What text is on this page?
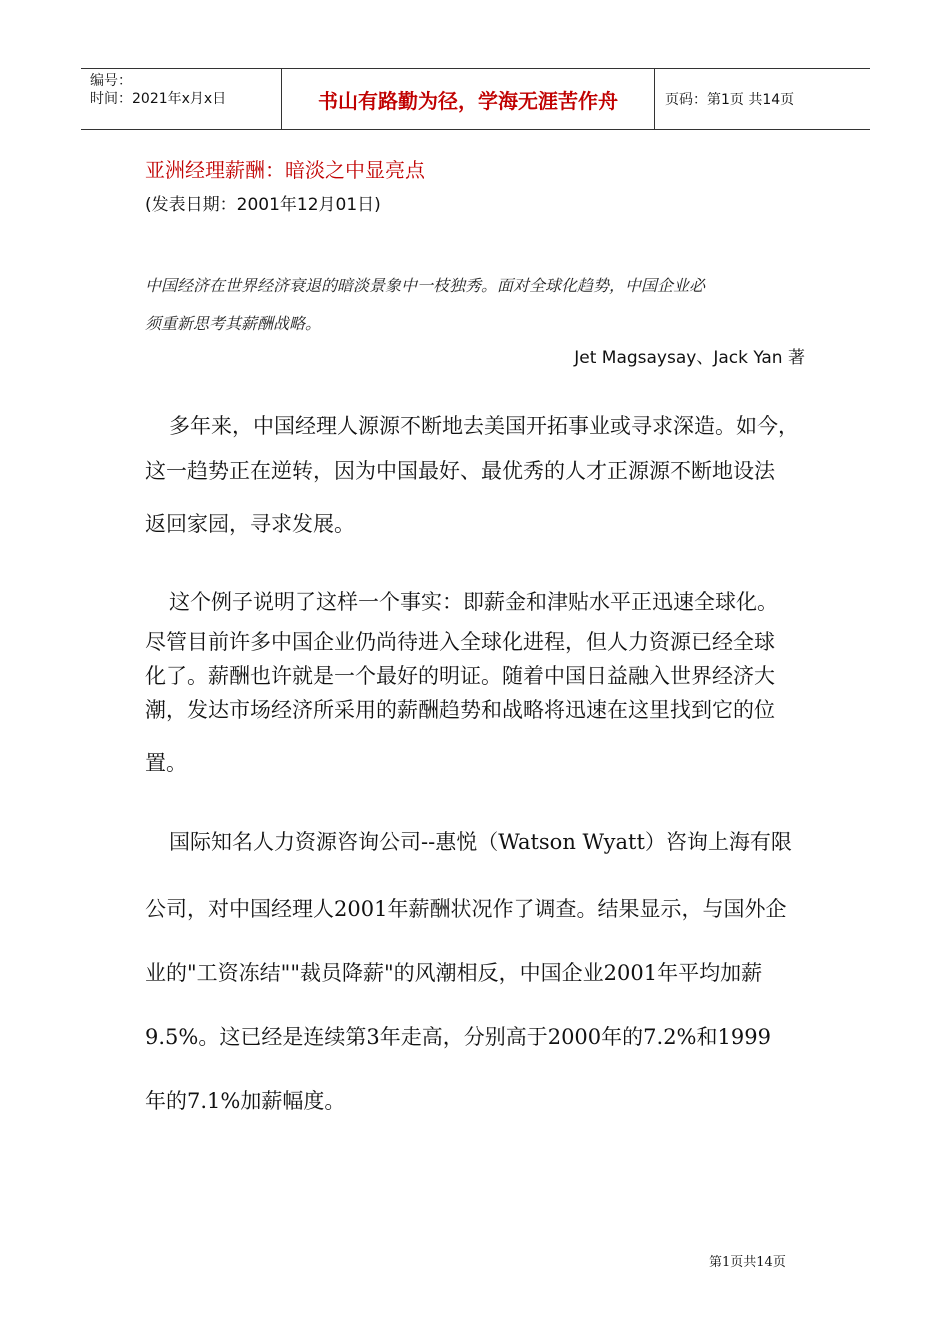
编号：
时间：2021年x月x日	书山有路勤为径，学海无涯苦作舟	页码：第1页 共14页
亚洲经理薪酬：暗淡之中显亮点
(发表日期：2001年12月01日)
中国经济在世界经济衰退的暗淡景象中一枝独秀。面对全球化趋势，中国企业必
须重新思考其薪酬战略。
Jet Magsaysay、Jack Yan 著
多年来，中国经理人源源不断地去美国开拓事业或寻求深造。如今，
这一趋势正在逆转，因为中国最好、最优秀的人才正源源不断地设法
返回家园，寻求发展。
这个例子说明了这样一个事实：即薪金和津贴水平正迅速全球化。
尽管目前许多中国企业仍尚待进入全球化进程，但人力资源已经全球
化了。薪酬也许就是一个最好的明证。随着中国日益融入世界经济大
潮，发达市场经济所采用的薪酬趋势和战略将迅速在这里找到它的位
置。
国际知名人力资源咨询公司--惠悦（Watson Wyatt）咨询上海有限
公司，对中国经理人2001年薪酬状况作了调查。结果显示，与国外企
业的"工资冻结""裁员降薪"的风潮相反，中国企业2001年平均加薪
9.5%。这已经是连续第3年走高，分别高于2000年的7.2%和1999
年的7.1%加薪幅度。
第1页共14页
